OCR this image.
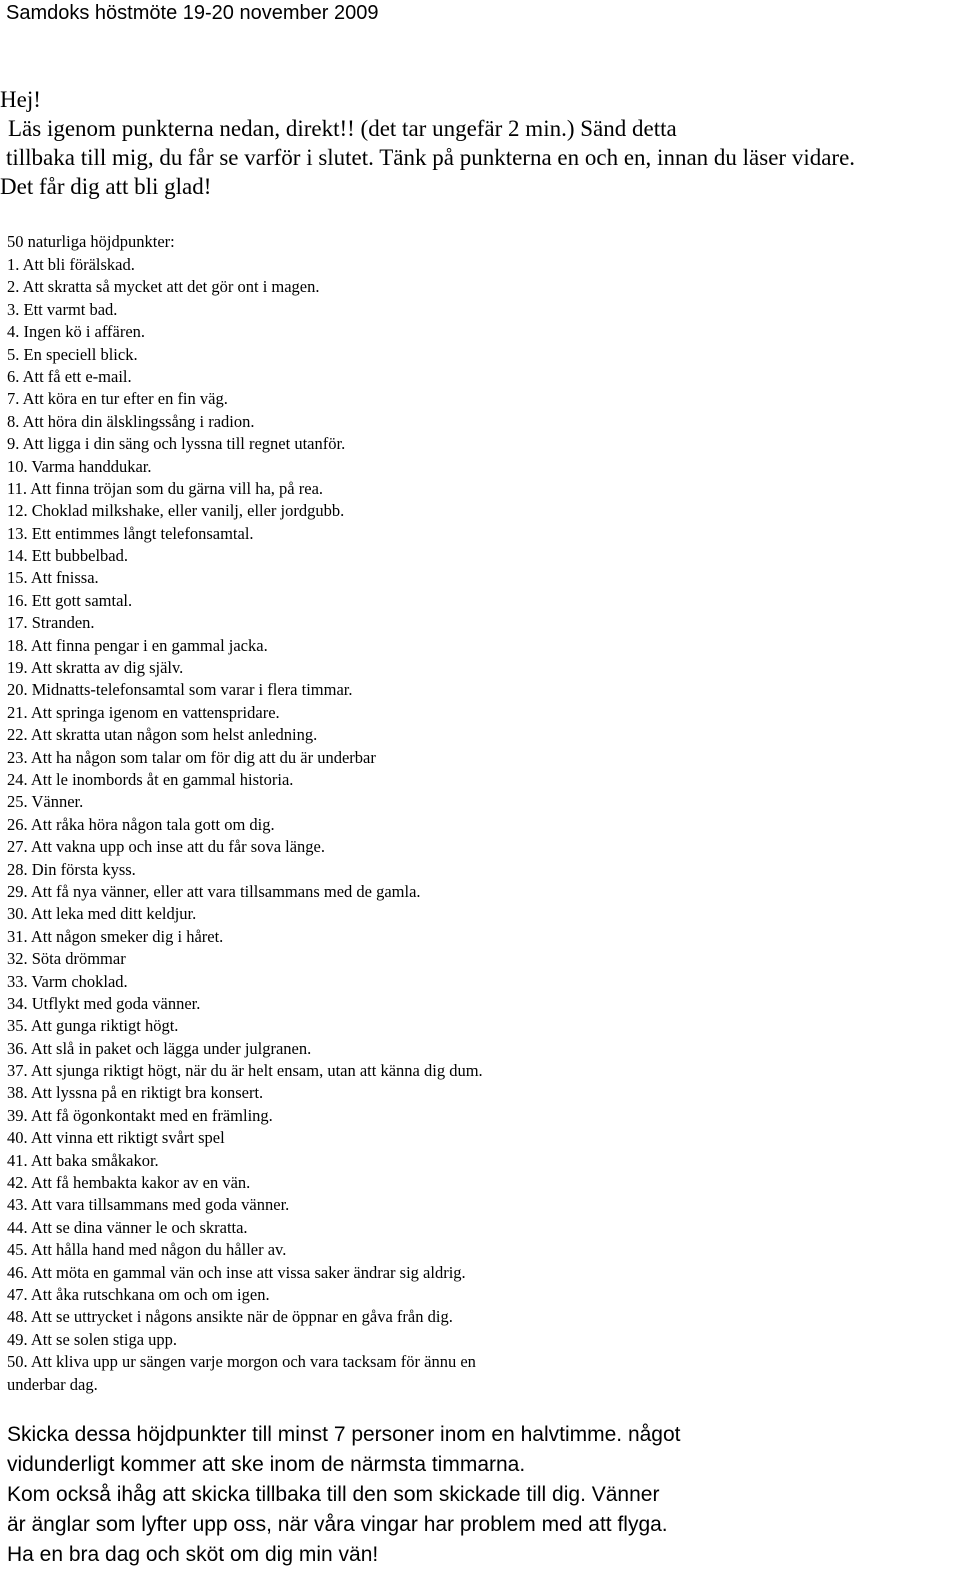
Samdoks höstmöte 19-20 november 2009
Hej!
Läs igenom punkterna nedan, direkt!! (det tar ungefär 2 min.) Sänd detta
tillbaka till mig, du får se varför i slutet. Tänk på punkterna en och en, innan du läser vidare.
Det får dig att bli glad!
50 naturliga höjdpunkter:
1. Att bli förälskad.
2. Att skratta så mycket att det gör ont i magen.
3. Ett varmt bad.
4. Ingen kö i affären.
5. En speciell blick.
6. Att få ett e-mail.
7. Att köra en tur efter en fin väg.
8. Att höra din älsklingssång i radion.
9. Att ligga i din säng och lyssna till regnet utanför.
10. Varma handdukar.
11. Att finna tröjan som du gärna vill ha, på rea.
12. Choklad milkshake, eller vanilj, eller jordgubb.
13. Ett entimmes långt telefonsamtal.
14. Ett bubbelbad.
15. Att fnissa.
16. Ett gott samtal.
17. Stranden.
18. Att finna pengar i en gammal jacka.
19. Att skratta av dig själv.
20. Midnatts-telefonsamtal som varar i flera timmar.
21. Att springa igenom en vattenspridare.
22. Att skratta utan någon som helst anledning.
23. Att ha någon som talar om för dig att du är underbar
24. Att le inombords åt en gammal historia.
25. Vänner.
26. Att råka höra någon tala gott om dig.
27. Att vakna upp och inse att du får sova länge.
28. Din första kyss.
29. Att få nya vänner, eller att vara tillsammans med de gamla.
30. Att leka med ditt keldjur.
31. Att någon smeker dig i håret.
32. Söta drömmar
33. Varm choklad.
34. Utflykt med goda vänner.
35. Att gunga riktigt högt.
36. Att slå in paket och lägga under julgranen.
37. Att sjunga riktigt högt, när du är helt ensam, utan att känna dig dum.
38. Att lyssna på en riktigt bra konsert.
39. Att få ögonkontakt med en främling.
40. Att vinna ett riktigt svårt spel
41. Att baka småkakor.
42. Att få hembakta kakor av en vän.
43. Att vara tillsammans med goda vänner.
44. Att se dina vänner le och skratta.
45. Att hålla hand med någon du håller av.
46. Att möta en gammal vän och inse att vissa saker ändrar sig aldrig.
47. Att åka rutschkana om och om igen.
48. Att se uttrycket i någons ansikte när de öppnar en gåva från dig.
49. Att se solen stiga upp.
50. Att kliva upp ur sängen varje morgon och vara tacksam för ännu en
underbar dag.
Skicka dessa höjdpunkter till minst 7 personer inom en halvtimme. något
vidunderligt kommer att ske inom de närmsta timmarna.
Kom också ihåg att skicka tillbaka till den som skickade till dig. Vänner
är änglar som lyfter upp oss, när våra vingar har problem med att flyga.
Ha en bra dag och sköt om dig min vän!
